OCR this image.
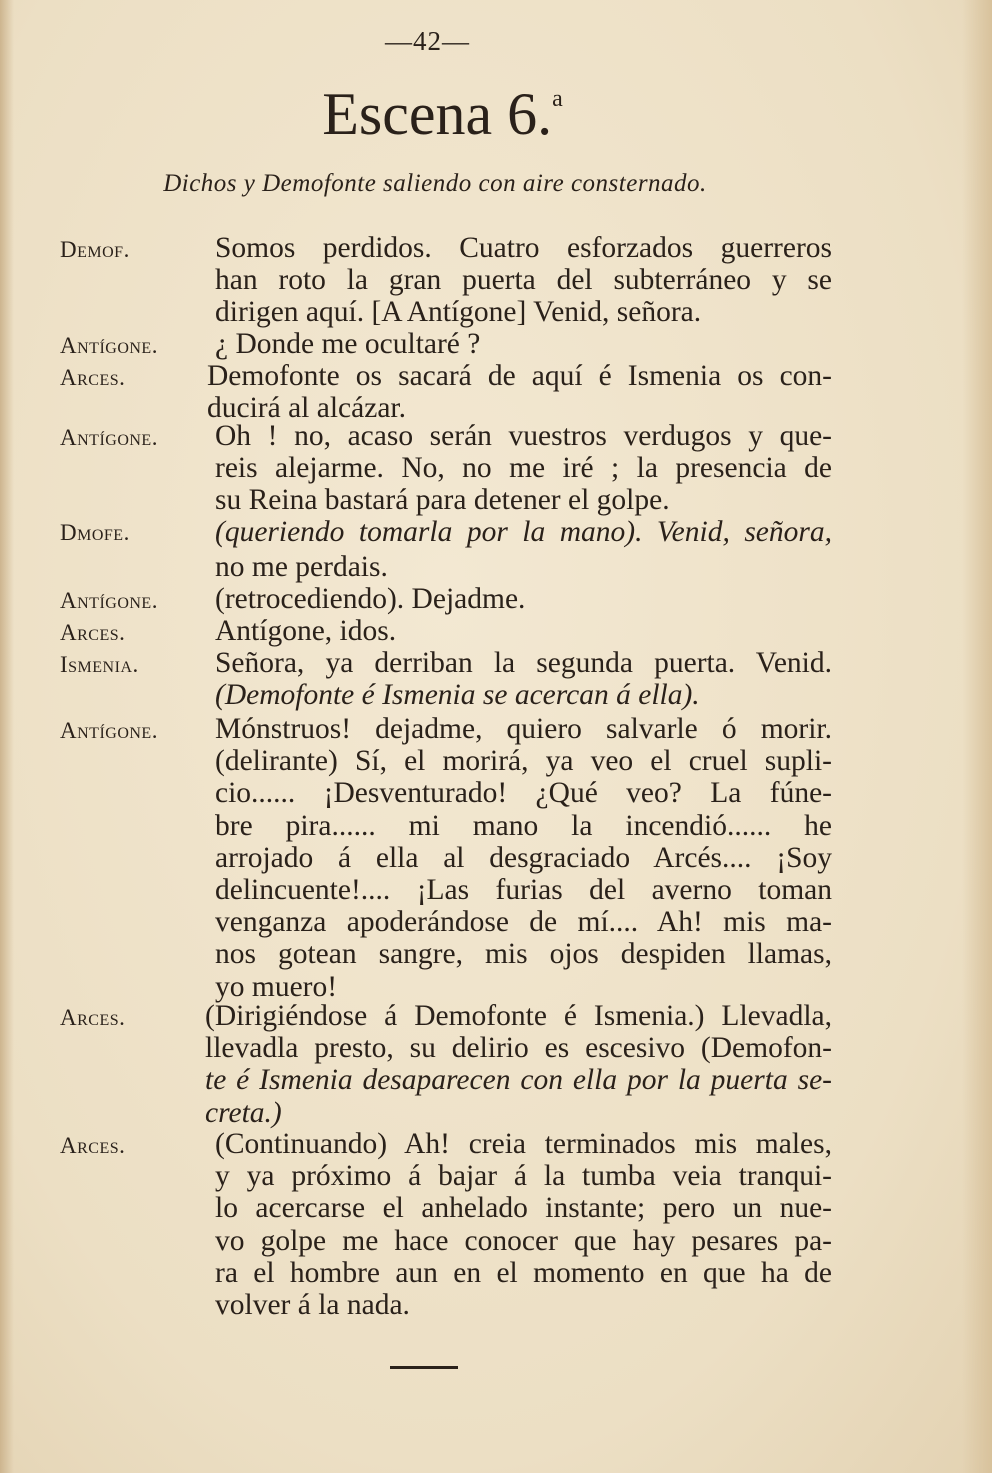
—42—
Escena 6.$^a$
Dichos y Demofonte saliendo con aire consternado.
Demof.	Somos perdidos. Cuatro esforzados guerreros
han roto la gran puerta del subterráneo y se
dirigen aquí. [A Antígone] Venid, señora.
Antígone.	¿ Donde me ocultaré ?
Arces.	Demofonte os sacará de aquí é Ismenia os con-
ducirá al alcázar.
Antígone.	Oh ! no, acaso serán vuestros verdugos y que-
reis alejarme. No, no me iré ; la presencia de
su Reina bastará para detener el golpe.
Dmofe.	(queriendo tomarla por la mano). Venid, señora,
no me perdais.
Antígone.	(retrocediendo). Dejadme.
Arces.	Antígone, idos.
Ismenia.	Señora, ya derriban la segunda puerta. Venid.
(Demofonte é Ismenia se acercan á ella).
Antígone.	Mónstruos! dejadme, quiero salvarle ó morir.
(delirante) Sí, el morirá, ya veo el cruel supli-
cio...... ¡Desventurado! ¿Qué veo? La fúne-
bre pira...... mi mano la incendió...... he
arrojado á ella al desgraciado Arcés.... ¡Soy
delincuente!.... ¡Las furias del averno toman
venganza apoderándose de mí.... Ah! mis ma-
nos gotean sangre, mis ojos despiden llamas,
yo muero!
Arces.	(Dirigiéndose á Demofonte é Ismenia.) Llevadla,
llevadla presto, su delirio es escesivo (Demofon-
te é Ismenia desaparecen con ella por la puerta se-
creta.)
Arces.	(Continuando) Ah! creia terminados mis males,
y ya próximo á bajar á la tumba veia tranqui-
lo acercarse el anhelado instante; pero un nue-
vo golpe me hace conocer que hay pesares pa-
ra el hombre aun en el momento en que ha de
volver á la nada.
